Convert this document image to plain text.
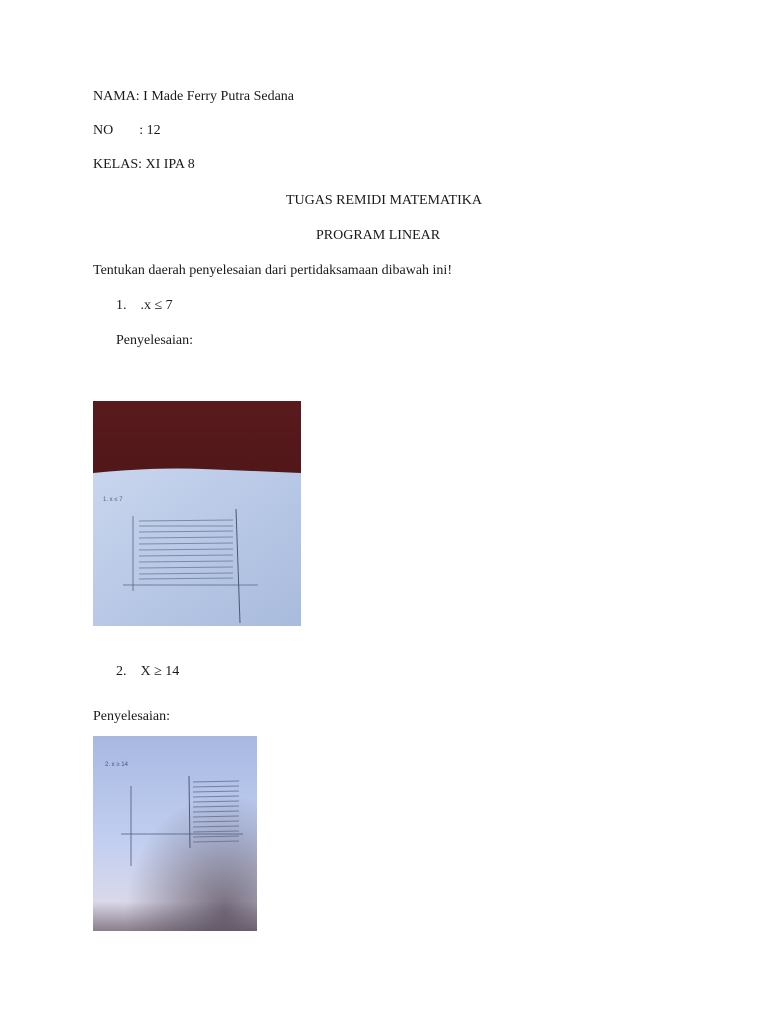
NAMA: I Made Ferry Putra Sedana
NO : 12
KELAS: XI IPA 8
TUGAS REMIDI MATEMATIKA
PROGRAM LINEAR
Tentukan daerah penyelesaian dari pertidaksamaan dibawah ini!
1. .x ≤ 7
Penyelesaian:
1. x ≤ 7
2. X ≥ 14
Penyelesaian:
2. x ≥ 14
